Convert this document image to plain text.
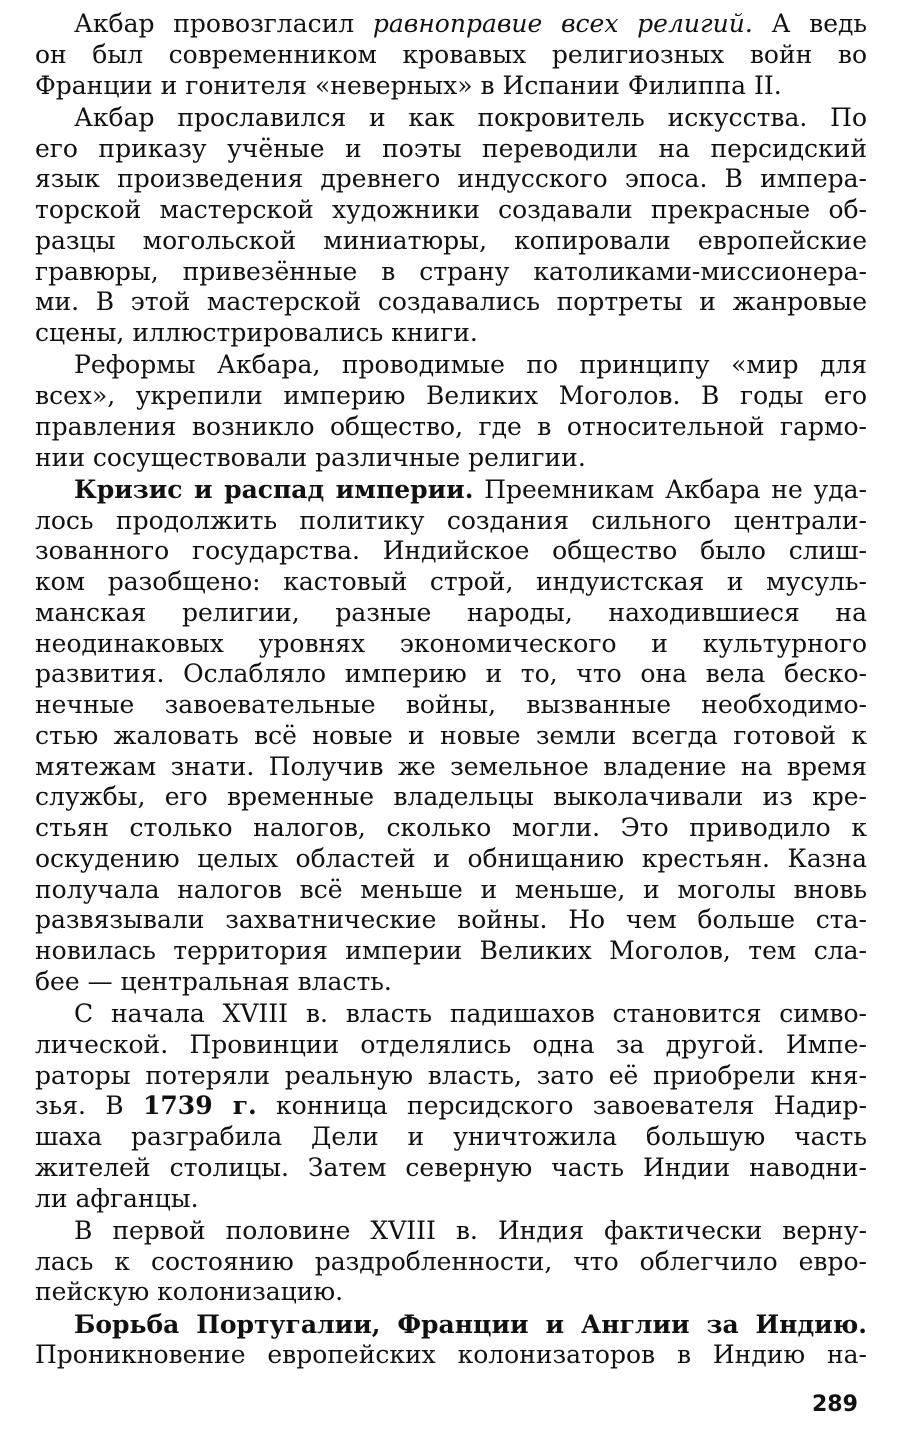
Акбар провозгласил равноправие всех религий. А ведь
он был современником кровавых религиозных войн во
Франции и гонителя «неверных» в Испании Филиппа II.
Акбар прославился и как покровитель искусства. По
его приказу учёные и поэты переводили на персидский
язык произведения древнего индусского эпоса. В импера-
торской мастерской художники создавали прекрасные об-
разцы могольской миниатюры, копировали европейские
гравюры, привезённые в страну католиками-миссионера-
ми. В этой мастерской создавались портреты и жанровые
сцены, иллюстрировались книги.
Реформы Акбара, проводимые по принципу «мир для
всех», укрепили империю Великих Моголов. В годы его
правления возникло общество, где в относительной гармо-
нии сосуществовали различные религии.
Кризис и распад империи. Преемникам Акбара не уда-
лось продолжить политику создания сильного централи-
зованного государства. Индийское общество было слиш-
ком разобщено: кастовый строй, индуистская и мусуль-
манская религии, разные народы, находившиеся на
неодинаковых уровнях экономического и культурного
развития. Ослабляло империю и то, что она вела беско-
нечные завоевательные войны, вызванные необходимо-
стью жаловать всё новые и новые земли всегда готовой к
мятежам знати. Получив же земельное владение на время
службы, его временные владельцы выколачивали из кре-
стьян столько налогов, сколько могли. Это приводило к
оскудению целых областей и обнищанию крестьян. Казна
получала налогов всё меньше и меньше, и моголы вновь
развязывали захватнические войны. Но чем больше ста-
новилась территория империи Великих Моголов, тем сла-
бее — центральная власть.
С начала XVIII в. власть падишахов становится симво-
лической. Провинции отделялись одна за другой. Импе-
раторы потеряли реальную власть, зато её приобрели кня-
зья. В 1739 г. конница персидского завоевателя Надир-
шаха разграбила Дели и уничтожила большую часть
жителей столицы. Затем северную часть Индии наводни-
ли афганцы.
В первой половине XVIII в. Индия фактически верну-
лась к состоянию раздробленности, что облегчило евро-
пейскую колонизацию.
Борьба Португалии, Франции и Англии за Индию.
Проникновение европейских колонизаторов в Индию на-
289
